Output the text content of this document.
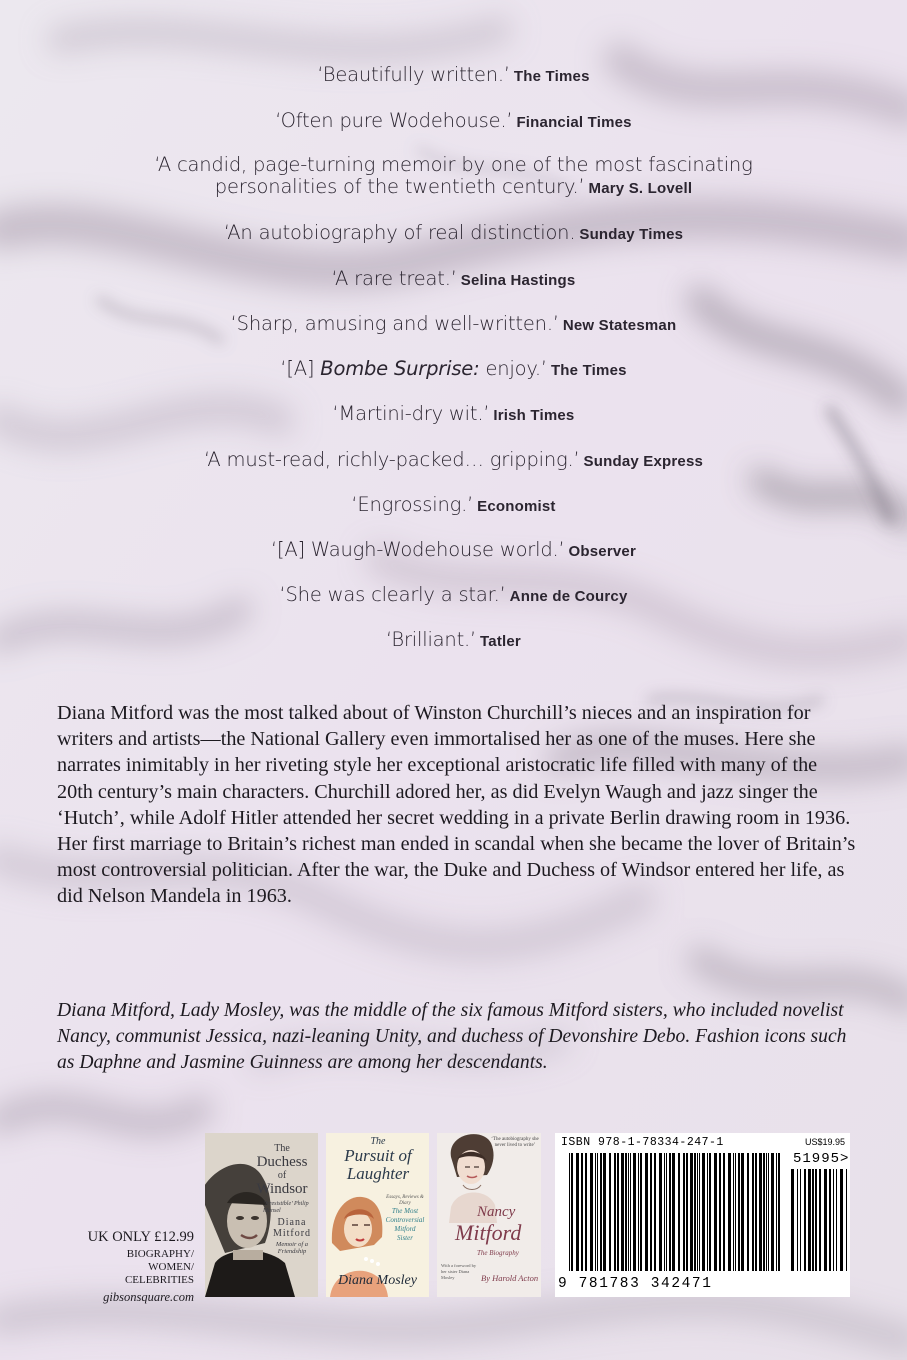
‘Beautifully written.’ The Times

‘Often pure Wodehouse.’ Financial Times

‘A candid, page-turning memoir by one of the most fascinating
personalities of the twentieth century.’ Mary S. Lovell

‘An autobiography of real distinction. Sunday Times

‘A rare treat.’ Selina Hastings

‘Sharp, amusing and well-written.’ New Statesman

‘[A] Bombe Surprise: enjoy.’ The Times

‘Martini-dry wit.’ Irish Times

‘A must-read, richly-packed… gripping.’ Sunday Express

‘Engrossing.’ Economist

‘[A] Waugh-Wodehouse world.’ Observer

‘She was clearly a star.’ Anne de Courcy

‘Brilliant.’ Tatler

Diana Mitford was the most talked about of Winston Churchill’s nieces and an inspiration for writers and artists—the National Gallery even immortalised her as one of the muses. Here she narrates inimitably in her riveting style her exceptional aristocratic life filled with many of the 20th century’s main characters. Churchill adored her, as did Evelyn Waugh and jazz singer the ‘Hutch’, while Adolf Hitler attended her secret wedding in a private Berlin drawing room in 1936. Her first marriage to Britain’s richest man ended in scandal when she became the lover of Britain’s most controversial politician. After the war, the Duke and Duchess of Windsor entered her life, as did Nelson Mandela in 1963.

Diana Mitford, Lady Mosley, was the middle of the six famous Mitford sisters, who included novelist Nancy, communist Jessica, nazi-leaning Unity, and duchess of Devonshire Debo. Fashion icons such as Daphne and Jasmine Guinness are among her descendants.

UK ONLY £12.99
BIOGRAPHY/
WOMEN/
CELEBRITIES
gibsonsquare.com
The
Duchess
of
Windsor
‘Irresistible’ Philip Mansel
Diana
Mitford
Memoir of a Friendship
The
Pursuit of
Laughter
Essays, Reviews & Diary
The Most
Controversial
Mitford
Sister
Diana Mosley
‘The autobiography she never lived to write’
Nancy
Mitford
The Biography
With a foreword by her sister Diana Mosley	By Harold Acton
ISBN 978-1-78334-247-1	US$19.95
51995>
9 781783 342471
